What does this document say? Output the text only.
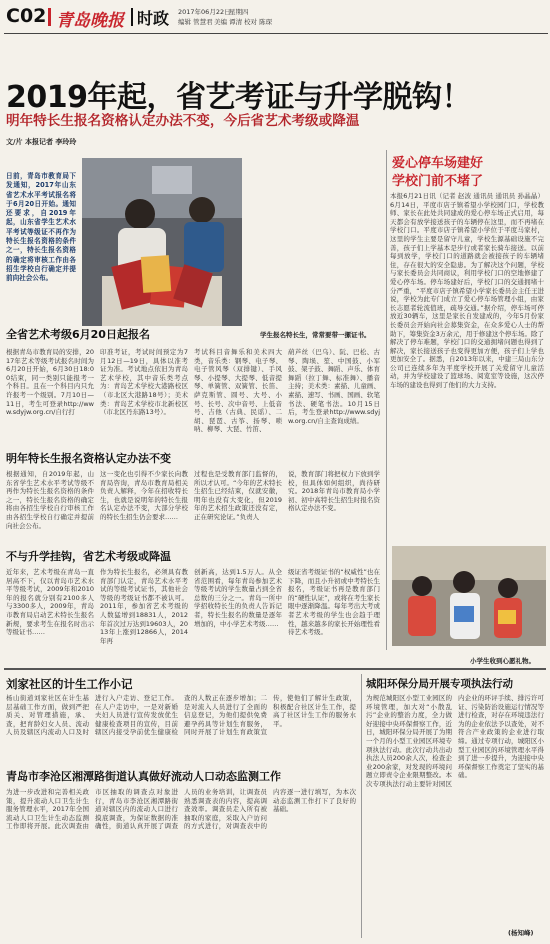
C02 青岛晚报 时政 2017年06月22日
星期四
编辑 管慧君 美编 谭清 校对 陈琛
2019年起，省艺考证与升学脱钩！
明年特长生报名资格认定办法不变，今后省艺术考级或降温
文/片 本报记者 李玲玲
日前，青岛市教育局下发通知，2017年山东省艺术水平考试报名将于6月20日开始。通知还要求，自2019年起，山东省学生艺术水平考试等级证不再作为特长生报名资格的条件之一，特长生报名资格的确定将审核工作由各招生学校自行确定并提前向社会公布。
爱心停车场建好
学校门前不堵了
本报6月21日讯（记者 赵波 通讯员 通讯员 孙晶晶）6月14日，平度市店子镇希望小学校园门口，学校教师、家长在此处共同建成的爱心停车场正式启用，每天都会有放学接送孩子的车辆停在这里，而不再堵在学校门口。平度市店子镇希望小学位于平度马家村，这里的学生主要是留守儿童，学校生源基础设施不完善，孩子们上学基本是步行或者家长骑车接送。以前每到放学，学校门口的道路就会被接孩子的车辆堵住，存在很大的安全隐患。为了解决这个问题，学校与家长委员会共同商议，利用学校门口的空地修建了爱心停车场。停车场建好后，学校门口的交通拥堵十分严重，“平度市店子镇希望小学家长委员会主任王进说，学校为此专门成立了爱心停车场管理小组，由家长志愿者轮流值班，疏导交通。”据介绍，停车场可停放近30辆车，这里是家长自发建成的，今年5月份家长委员会开始向社会募集资金，在众多爱心人士的帮助下，筹集资金3万余元，用于修建这个停车场。除了解决了停车难题，学校门口的交通拥堵问题也得到了解决，家长接送孩子也变得更加方便，孩子们上学也更加安全了。据悉，自2013年以来，中建三局山东分公司已连续多年为平度学校开展了关爱留守儿童活动，并为学校建设了篮球场、阅览室等设施，这次停车场的建设也得到了他们的大力支持。
全省艺术考级6月20日起报名	学生报名特长生，常常要带一摞证书。
根据青岛市教育局的安排，2017年艺术等级考试报名时间为6月20日开始，6月30日18:00结束，同一类别只能报考一个科目。且在一个科目内只允许报考一个级别。7月10日—11日，考生可登录http://www.sdyjw.org.cn/自行打
印准考证，考试时间预定为7月12日—19日，具体以准考证为准。考试地点依旧为青岛艺术学校，其中音乐类考点为：青岛艺术学校大港路校区（市北区大港路18号）；美术类：青岛艺术学校市北新校区（市北区丹东路13号）。
考试科目音舞乐和美术四大类，音乐类：钢琴、电子琴、电子管风琴（双排键）、手风琴、小提琴、大提琴、低音提琴、单簧管、双簧管、长笛、萨克斯管、圆号、大号、小号、长号、次中音号、上低音号、吉他（古典、民谣）、二胡、琵琶、古筝、扬琴、唢呐、柳琴、大琵、竹笛、
葫芦丝（巴乌）、阮、巴松、古琴、陶埙、笙、中国鼓、小军鼓、架子鼓、舞蹈、声乐、体育舞蹈（拉丁舞、标准舞）、播音主持；美术类：素描、儿童画、素描、速写、书画、国画、软笔书法、硬笔书法。10月15日后，考生登录http://www.sdyjw.org.cn/自主查询成绩。
明年特长生报名资格认定办法不变
根据通知，自2019年起，山东省学生艺术水平考试等级不再作为特长生报名资格的条件之一，特长生报名资格的确定将由各招生学校自行审核工作由各招生学校自行确定并提前向社会公布。
这一变化也引得不少家长向教育局咨询，青岛市教育局相关负责人解释，今年在招收特长生，也就是说明年的特长生报名认定办法不变，大部分学校的特长生招生仍会要求……
过程也是受教育部门监督的，所以才认可。“今年的艺术特长生招生已经结束，仅就安徽，明年也没有大变化，但2019年的艺术招生政策还没有定，正在研究论证。”负责人
说，教育部门将把权力下放到学校，但具体如何组织，尚待研究。2018年青岛市教育局小学初、初中高特长生招生时报名资格认定办法不变。
不与升学挂钩，省艺术考级或降温
近年来，艺术考级在青岛一直居高不下，仅以青岛市艺术水平等级考试，2009年和2010年的报名就分别有2100多人与3300多人，2009年，青岛市教育局启动艺术特长生报名新规，要求考生在报名时出示等级证书……
作为特长生报名，必须具有教育部门认定，青岛艺术水平考试的等级考试证书，其他社会等级的考级证书都不被认可。2011年，参加省艺术考级的人数猛增到18831人，2012年首次过万达到19603人，2013年上涨到12866人，2014年再
创新高，达到1.5万人。从全省范围看，每年青岛参加艺术等级考试的学生数量占到全省总数的三分之一。青岛一所中学招收特长生的负责人告诉记者，特长生报名的数量是逐年增加的，中小学艺术考级……
级证省考级证书的“权威性”也在下降，而且小升初或中考特长生报名，考级证书再是教育部门的“硬性认证”，或将在考生家长眼中逐渐降温。每年考出大考或者艺术考级的学生也会趋于理性，越来越多的家长开始理性看待艺术考级。
小学生收到心愿礼物。
刘家社区的计生工作小记
杨山街道刘家社区在计生基层基础工作方面，做到严把质关、对管理措施，承、查，把育龄妇女人员、流动人员及辖区内流动人口及时进行入户走访、登记工作。在人户走访中，一是对新婚夫妇人员进行宣传发放优生健康检查项目的宣传，目前辖区内接受孕前优生健康检查的人数正在逐步增加；二是对流入人员进行了全面的信息登记，为他们提供免费避孕药具等计划生育服务，同时开展了计划生育政策宣传，使他们了解计生政策，积极配合社区计生工作，提高了社区计生工作的服务水平。
青岛市李沧区湘潭路街道认真做好流动人口动态监测工作
为进一步改进和完善相关政策，提升流动人口卫生计生服务管理水平，2017年全国流动人口卫生计生动态监测工作即将开展。此次调查由市区抽取的调查点对象进行，青岛市李沧区湘潭路街道对辖区内的流动人口进行摸底调查，为保证数据的准确性，街道认真开展了调查人员的业务培训，让调查员熟悉调查表的内容，提高调查效率。调查员走入所有被抽取的家庭，采取入户访问的方式进行，对调查表中的内容逐一进行填写，为本次动态监测工作打下了良好的基础。
城阳环保分局开展专项执法行动
为规范城阳区小型工业园区的环境管理，加大对“小散乱污”企业的整治力度，全力做好迎接中央环保督察工作，近日，城阳环保分局开展了为期一个月的小型工业园区环境专项执法行动。此次行动共出动执法人员200余人次，检查企业200余家，对发现的环境问题立即责令企业限期整改。本次专项执法行动主要针对园区内企业的环评手续、排污许可证、污染防治设施运行情况等进行检查，对存在环境违法行为的企业依法予以查处，对不符合产业政策的企业进行取缔。通过专项行动，城阳区小型工业园区的环境管理水平得到了进一步提升，为迎接中央环保督察工作奠定了坚实的基础。
(杨知峰)
